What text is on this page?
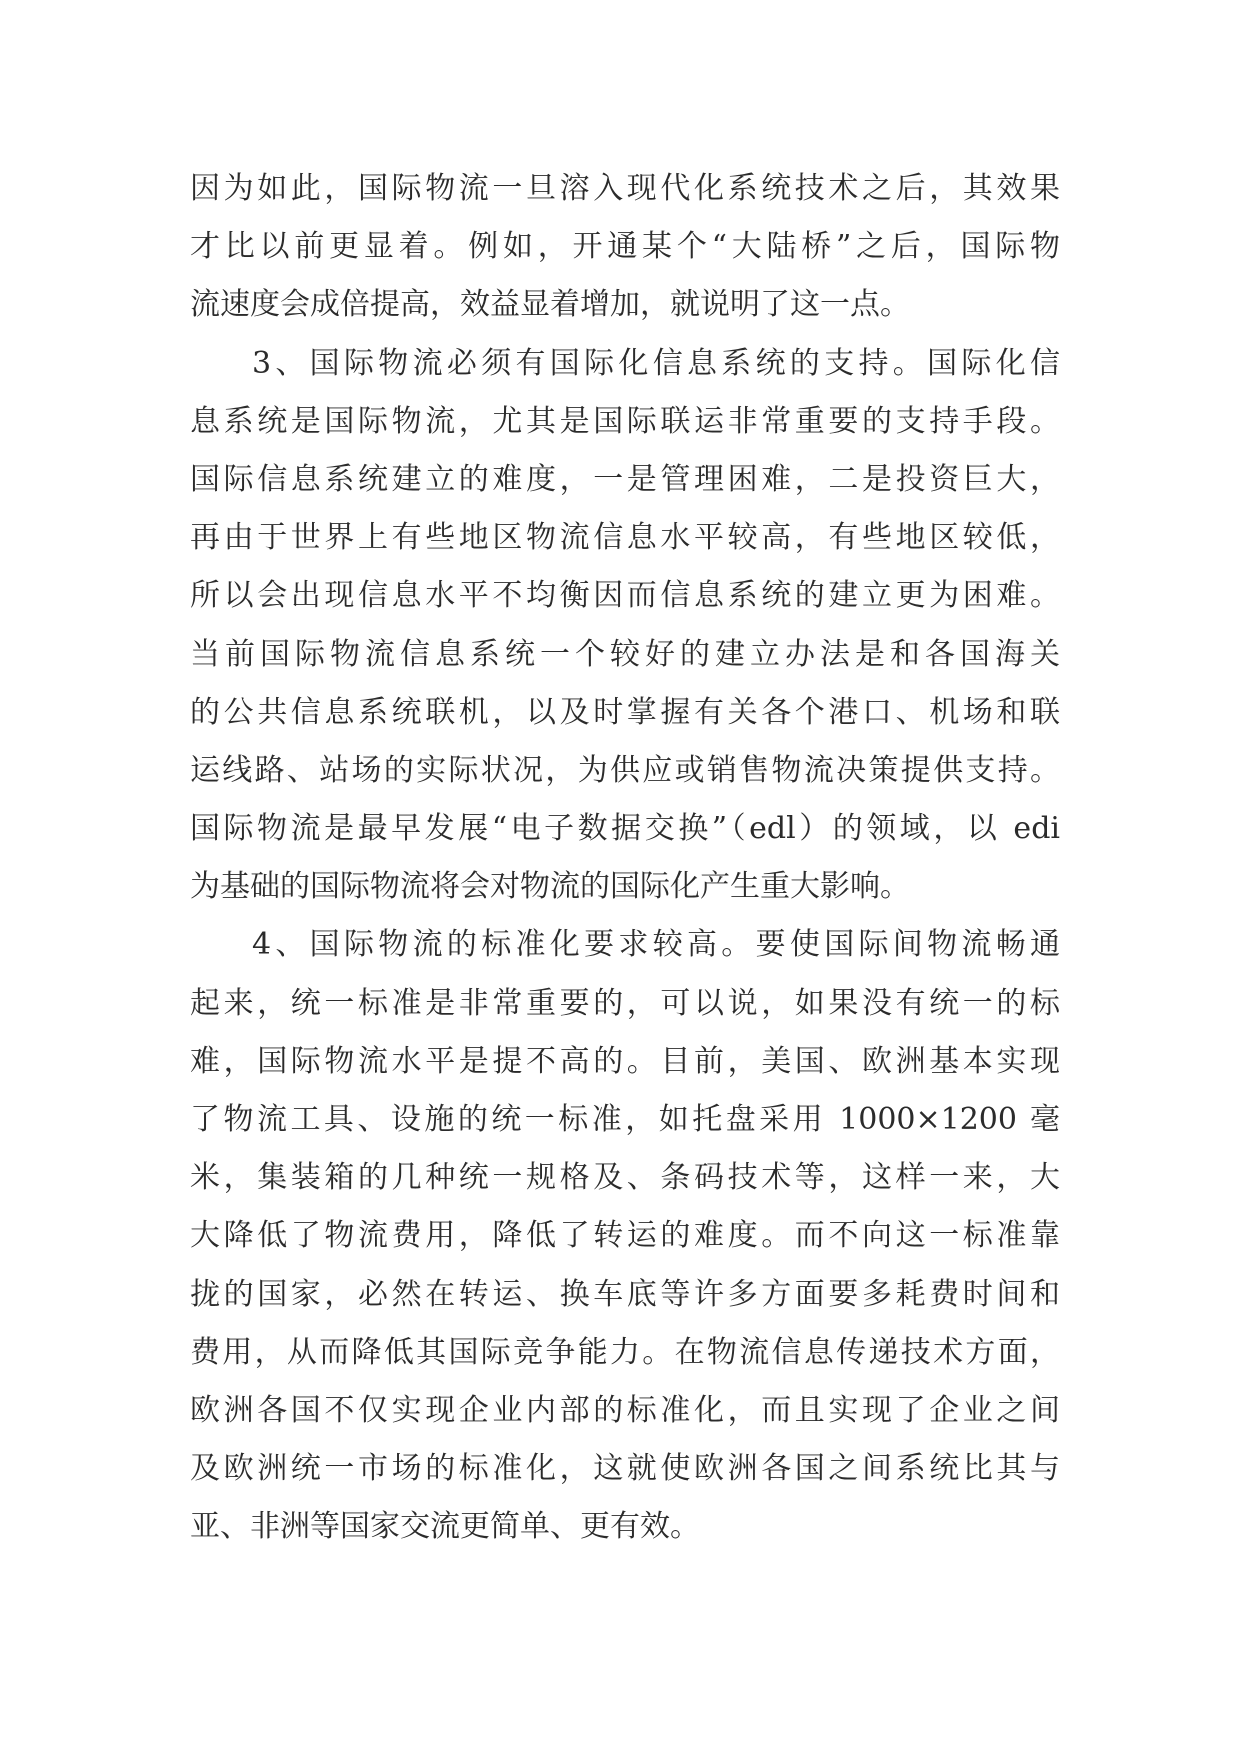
因为如此，国际物流一旦溶入现代化系统技术之后，其效果
才比以前更显着。例如，开通某个“大陆桥”之后，国际物
流速度会成倍提高，效益显着增加，就说明了这一点。
3、国际物流必须有国际化信息系统的支持。国际化信
息系统是国际物流，尤其是国际联运非常重要的支持手段。
国际信息系统建立的难度，一是管理困难，二是投资巨大，
再由于世界上有些地区物流信息水平较高，有些地区较低，
所以会出现信息水平不均衡因而信息系统的建立更为困难。
当前国际物流信息系统一个较好的建立办法是和各国海关
的公共信息系统联机，以及时掌握有关各个港口、机场和联
运线路、站场的实际状况，为供应或销售物流决策提供支持。
国际物流是最早发展“电子数据交换”（edl）的领域，以 edi
为基础的国际物流将会对物流的国际化产生重大影响。
4、国际物流的标准化要求较高。要使国际间物流畅通
起来，统一标准是非常重要的，可以说，如果没有统一的标
难，国际物流水平是提不高的。目前，美国、欧洲基本实现
了物流工具、设施的统一标准，如托盘采用 1000×1200 毫
米，集装箱的几种统一规格及、条码技术等，这样一来，大
大降低了物流费用，降低了转运的难度。而不向这一标准靠
拢的国家，必然在转运、换车底等许多方面要多耗费时间和
费用，从而降低其国际竞争能力。在物流信息传递技术方面，
欧洲各国不仅实现企业内部的标准化，而且实现了企业之间
及欧洲统一市场的标准化，这就使欧洲各国之间系统比其与
亚、非洲等国家交流更简单、更有效。
